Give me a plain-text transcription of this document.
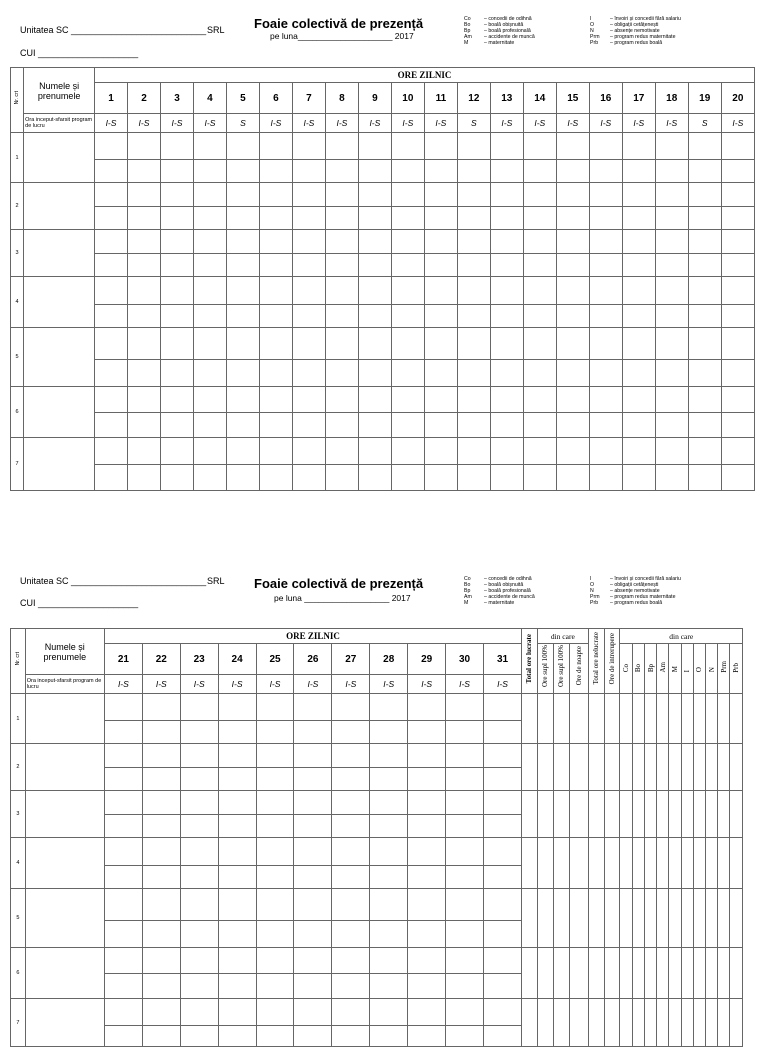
Unitatea SC ___________________________ SRL
CUI ____________________
Foaie colectivă de prezență
pe luna____________________ 2017
Co	– concedii de odihnă
Bo	– boală obișnuită
Bp	– boală profesională
Am	– accidente de muncă
M	– maternitate
I	– învoiri și concedii fără salariu
O	– obligații cetățenești
N	– absențe nemotivate
Prm	– program redus maternitate
Prb	– program redus boală
Nr. crt	Numele și prenumele	ORE ZILNIC																			
		1	2	3	4	5	6	7	8	9	10	11	12	13	14	15	16	17	18	19	20
	Ora inceput-sfarsit program de lucru	I-S	I-S	I-S	I-S	S	I-S	I-S	I-S	I-S	I-S	I-S	S	I-S	I-S	I-S	I-S	I-S	I-S	S	I-S
1																					

2																					

3																					

4																					

5																					

6																					

7																					

Unitatea SC ___________________________ SRL
CUI ____________________
Foaie colectivă de prezență
pe luna __________________ 2017
Co	– concedii de odihnă
Bo	– boală obișnuită
Bp	– boală profesională
Am	– accidente de muncă
M	– maternitate
I	– învoiri și concedii fără salariu
O	– obligații cetățenești
N	– absențe nemotivate
Prm	– program redus maternitate
Prb	– program redus boală
Nr. crt	Numele și prenumele	ORE ZILNIC											Total ore lucrate	din care			Total ore nelucrate	Ore de intrerupere	din care									
		21	22	23	24	25	26	27	28	29	30	31		Ore supl 100%	Ore supl 100%	Ore de noapte			Co	Bo	Bp	Am	M	I	O	N	Prm	Prb
	Ora inceput-sfarsit program de lucru	I-S	I-S	I-S	I-S	I-S	I-S	I-S	I-S	I-S	I-S	I-S																
1																												

2																												

3																												

4																												

5																												

6																												

7																												
